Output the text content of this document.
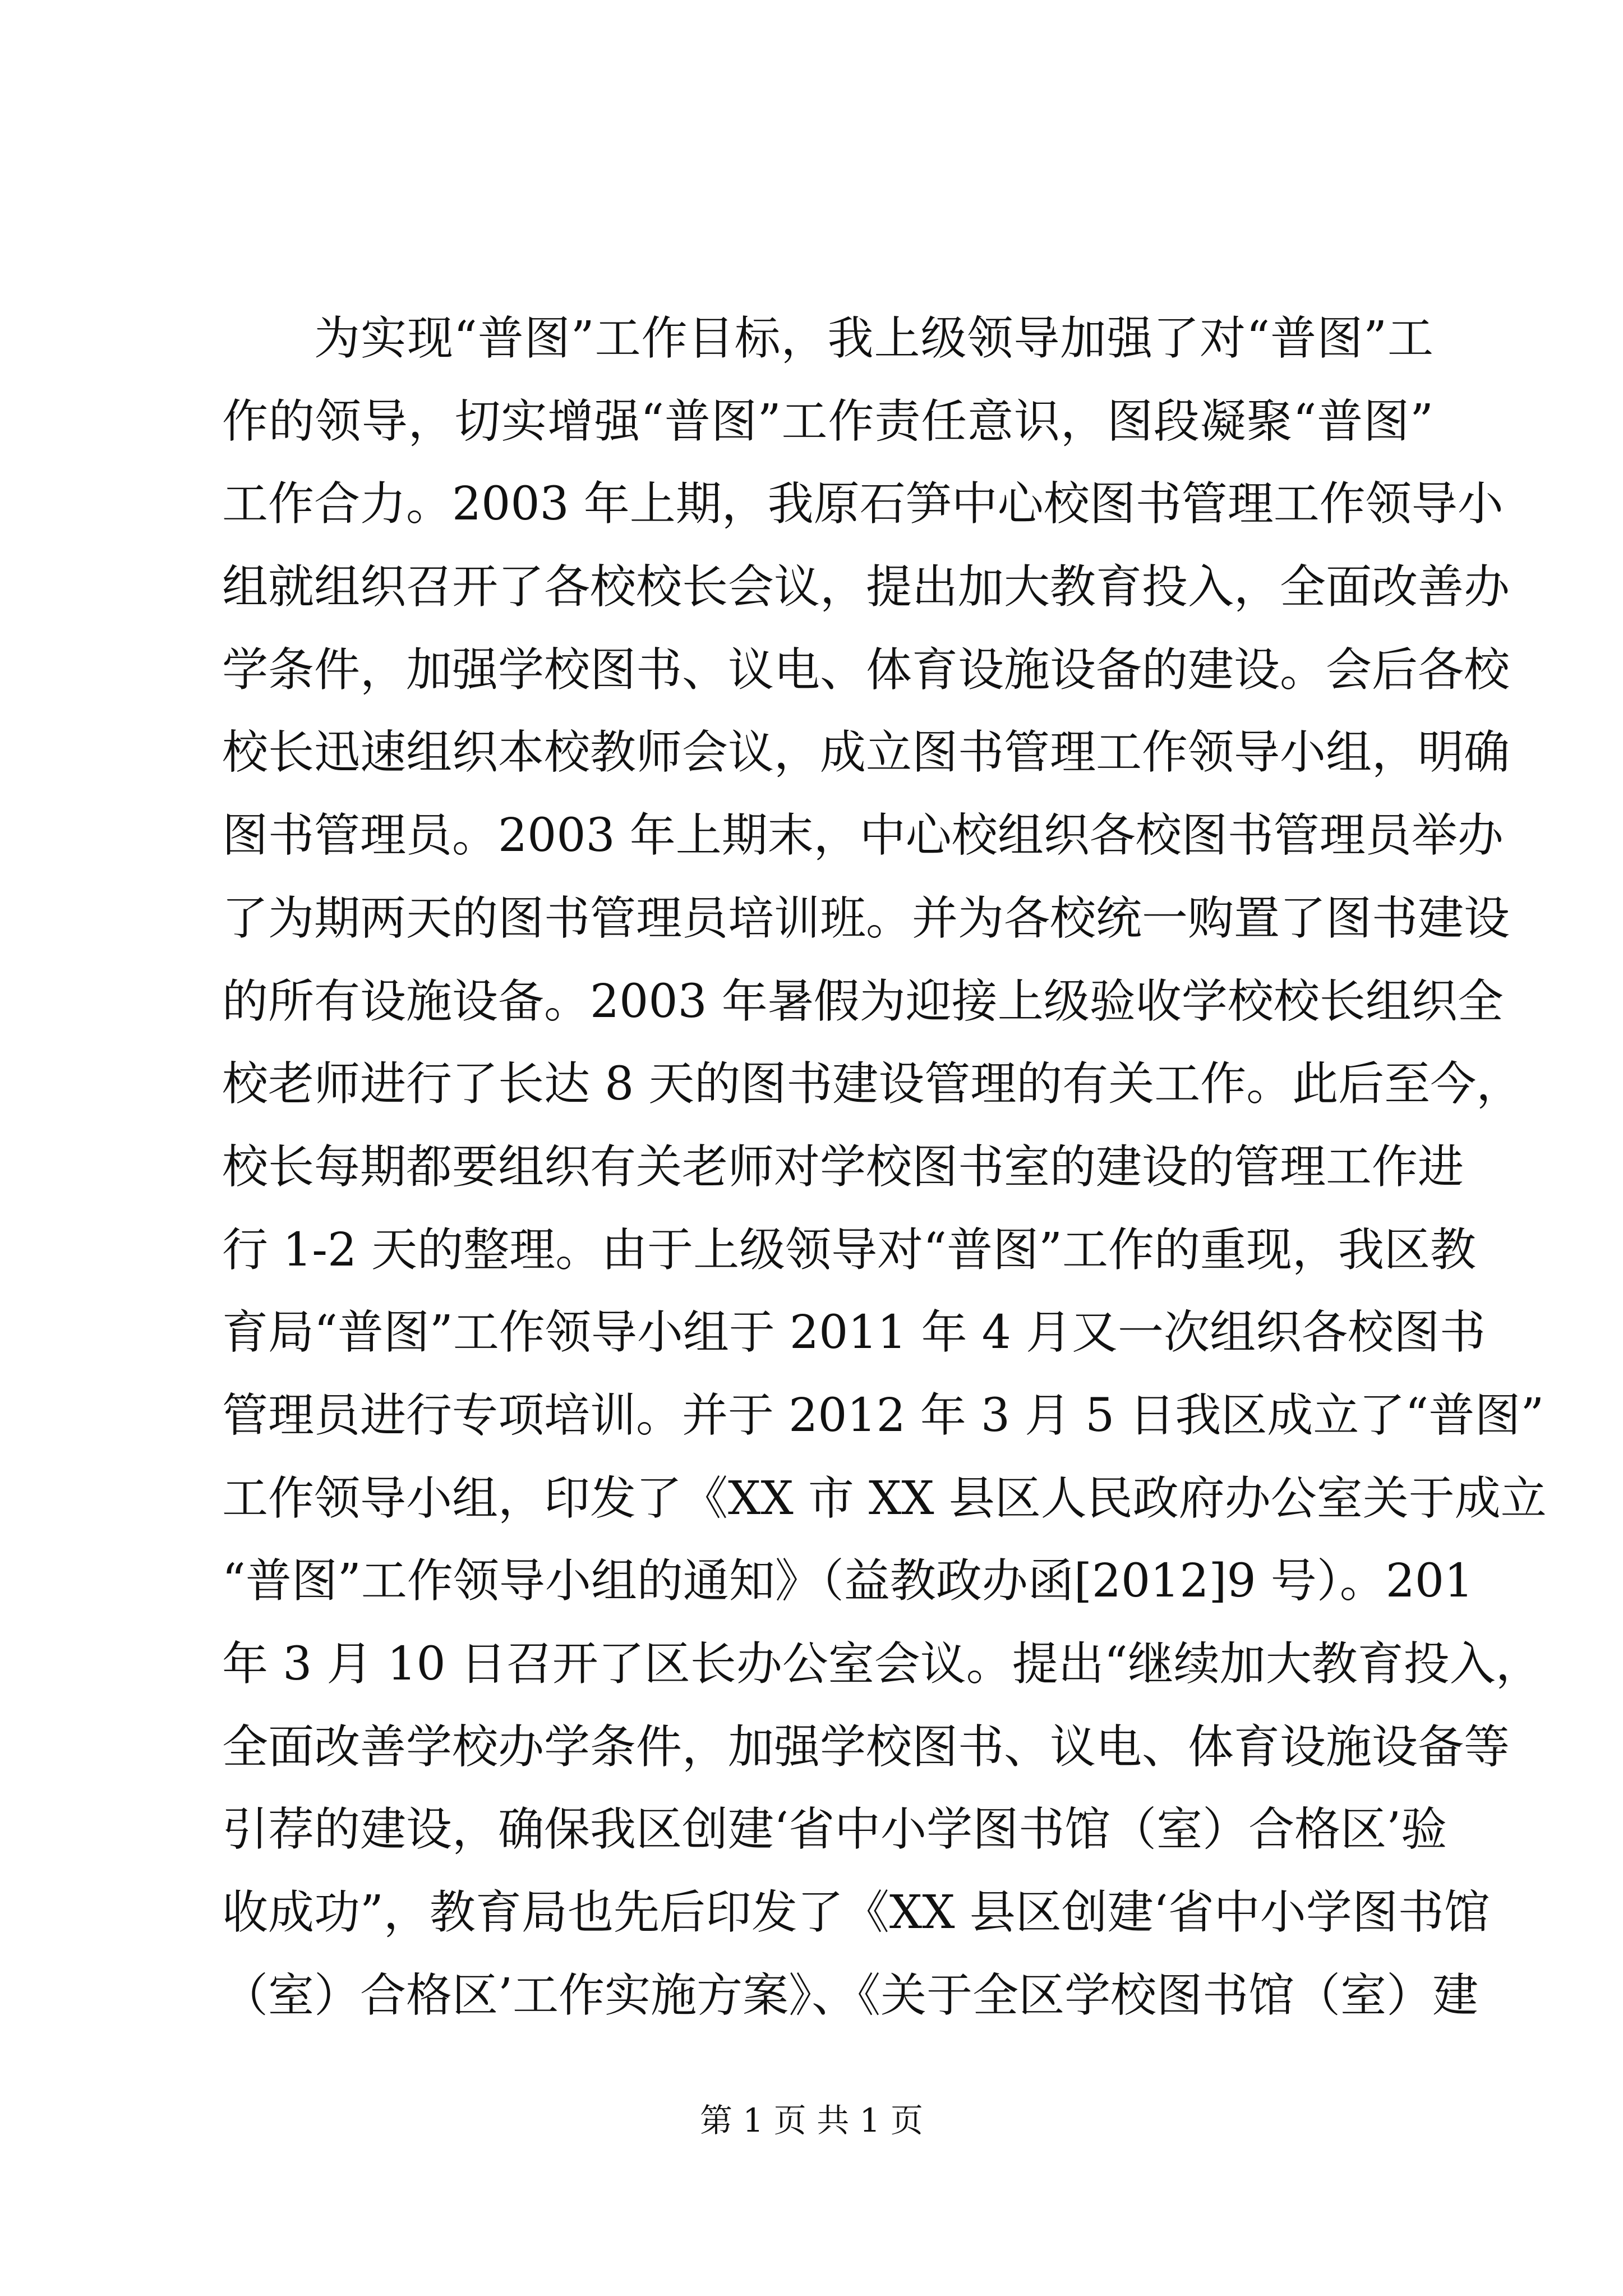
为实现“普图”工作目标，我上级领导加强了对“普图”工
作的领导，切实增强“普图”工作责任意识，图段凝聚“普图”
工作合力。2003 年上期，我原石笋中心校图书管理工作领导小
组就组织召开了各校校长会议，提出加大教育投入，全面改善办
学条件，加强学校图书、议电、体育设施设备的建设。会后各校
校长迅速组织本校教师会议，成立图书管理工作领导小组，明确
图书管理员。2003 年上期末，中心校组织各校图书管理员举办
了为期两天的图书管理员培训班。并为各校统一购置了图书建设
的所有设施设备。2003 年暑假为迎接上级验收学校校长组织全
校老师进行了长达 8 天的图书建设管理的有关工作。此后至今，
校长每期都要组织有关老师对学校图书室的建设的管理工作进
行 1-2 天的整理。由于上级领导对“普图”工作的重现，我区教
育局“普图”工作领导小组于 2011 年 4 月又一次组织各校图书
管理员进行专项培训。并于 2012 年 3 月 5 日我区成立了“普图”
工作领导小组，印发了《XX 市 XX 县区人民政府办公室关于成立
“普图”工作领导小组的通知》（益教政办函[2012]9 号）。201
年 3 月 10 日召开了区长办公室会议。提出“继续加大教育投入，
全面改善学校办学条件，加强学校图书、议电、体育设施设备等
引荐的建设，确保我区创建‘省中小学图书馆（室）合格区’验
收成功”，教育局也先后印发了《XX 县区创建‘省中小学图书馆
（室）合格区’工作实施方案》、《关于全区学校图书馆（室）建
第 1 页 共 1 页
